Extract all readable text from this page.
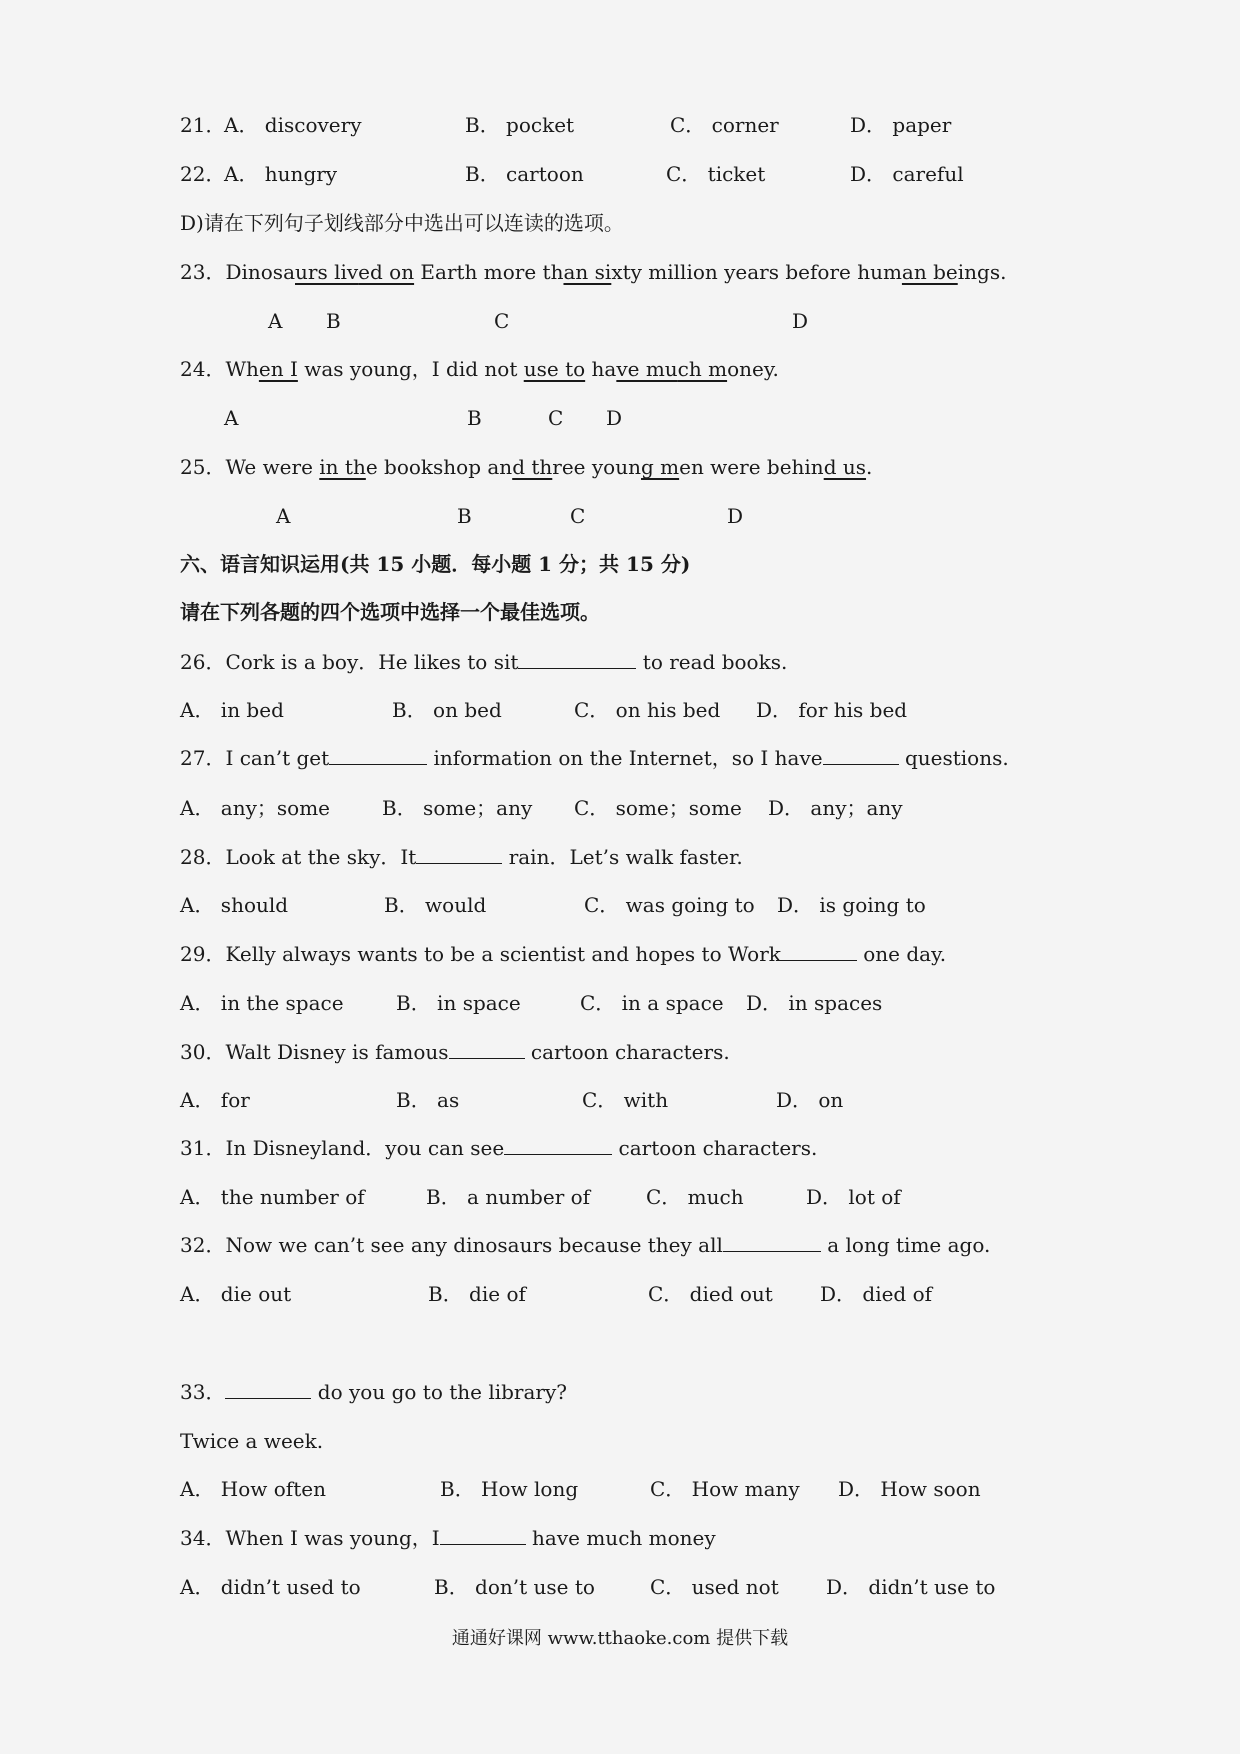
21．
A． discovery	B． pocket	C． corner	D． paper
22．
A． hungry	B． cartoon	C． ticket	D． careful
D)请在下列句子划线部分中选出可以连读的选项。
23．Dinosaurs lived on Earth more than sixty million years before human beings.
A B	C	D
24．When I was young，I did not use to have much money.
A	B	C D
25．We were in the bookshop and three young men were behind us.
A	B	C	D
六、语言知识运用(共 15 小题．每小题 1 分；共 15 分)
请在下列各题的四个选项中选择一个最佳选项。
26．Cork is a boy．He likes to sit	to read books.
A． in bed	B． on bed	C． on his bed D． for his bed
27．I can’t get	information on the Internet，so I have	questions.
A． any；some	B． some；any C． some；some D． any；any
28．Look at the sky．It	rain．Let’s walk faster.
A． should	B． would	C． was going to D． is going to
29．Kelly always wants to be a scientist and hopes to Work	one day.
A． in the space	B． in space	C． in a space D． in spaces
30．Walt Disney is famous	cartoon characters.
A． for	B． as	C． with	D． on
31．In Disneyland．you can see	cartoon characters.
A． the number of	B． a number of	C． much	D． lot of
32．Now we can’t see any dinosaurs because they all	a long time ago.
A． die out	B． die of	C． died out D． died of
33．	do you go to the library?
Twice a week.
A． How often	B． How long	C． How many D． How soon
34．When I was young，I	have much money
A． didn’t used to	B． don’t use to	C． used not D． didn’t use to
通通好课网 www.tthaoke.com 提供下载
